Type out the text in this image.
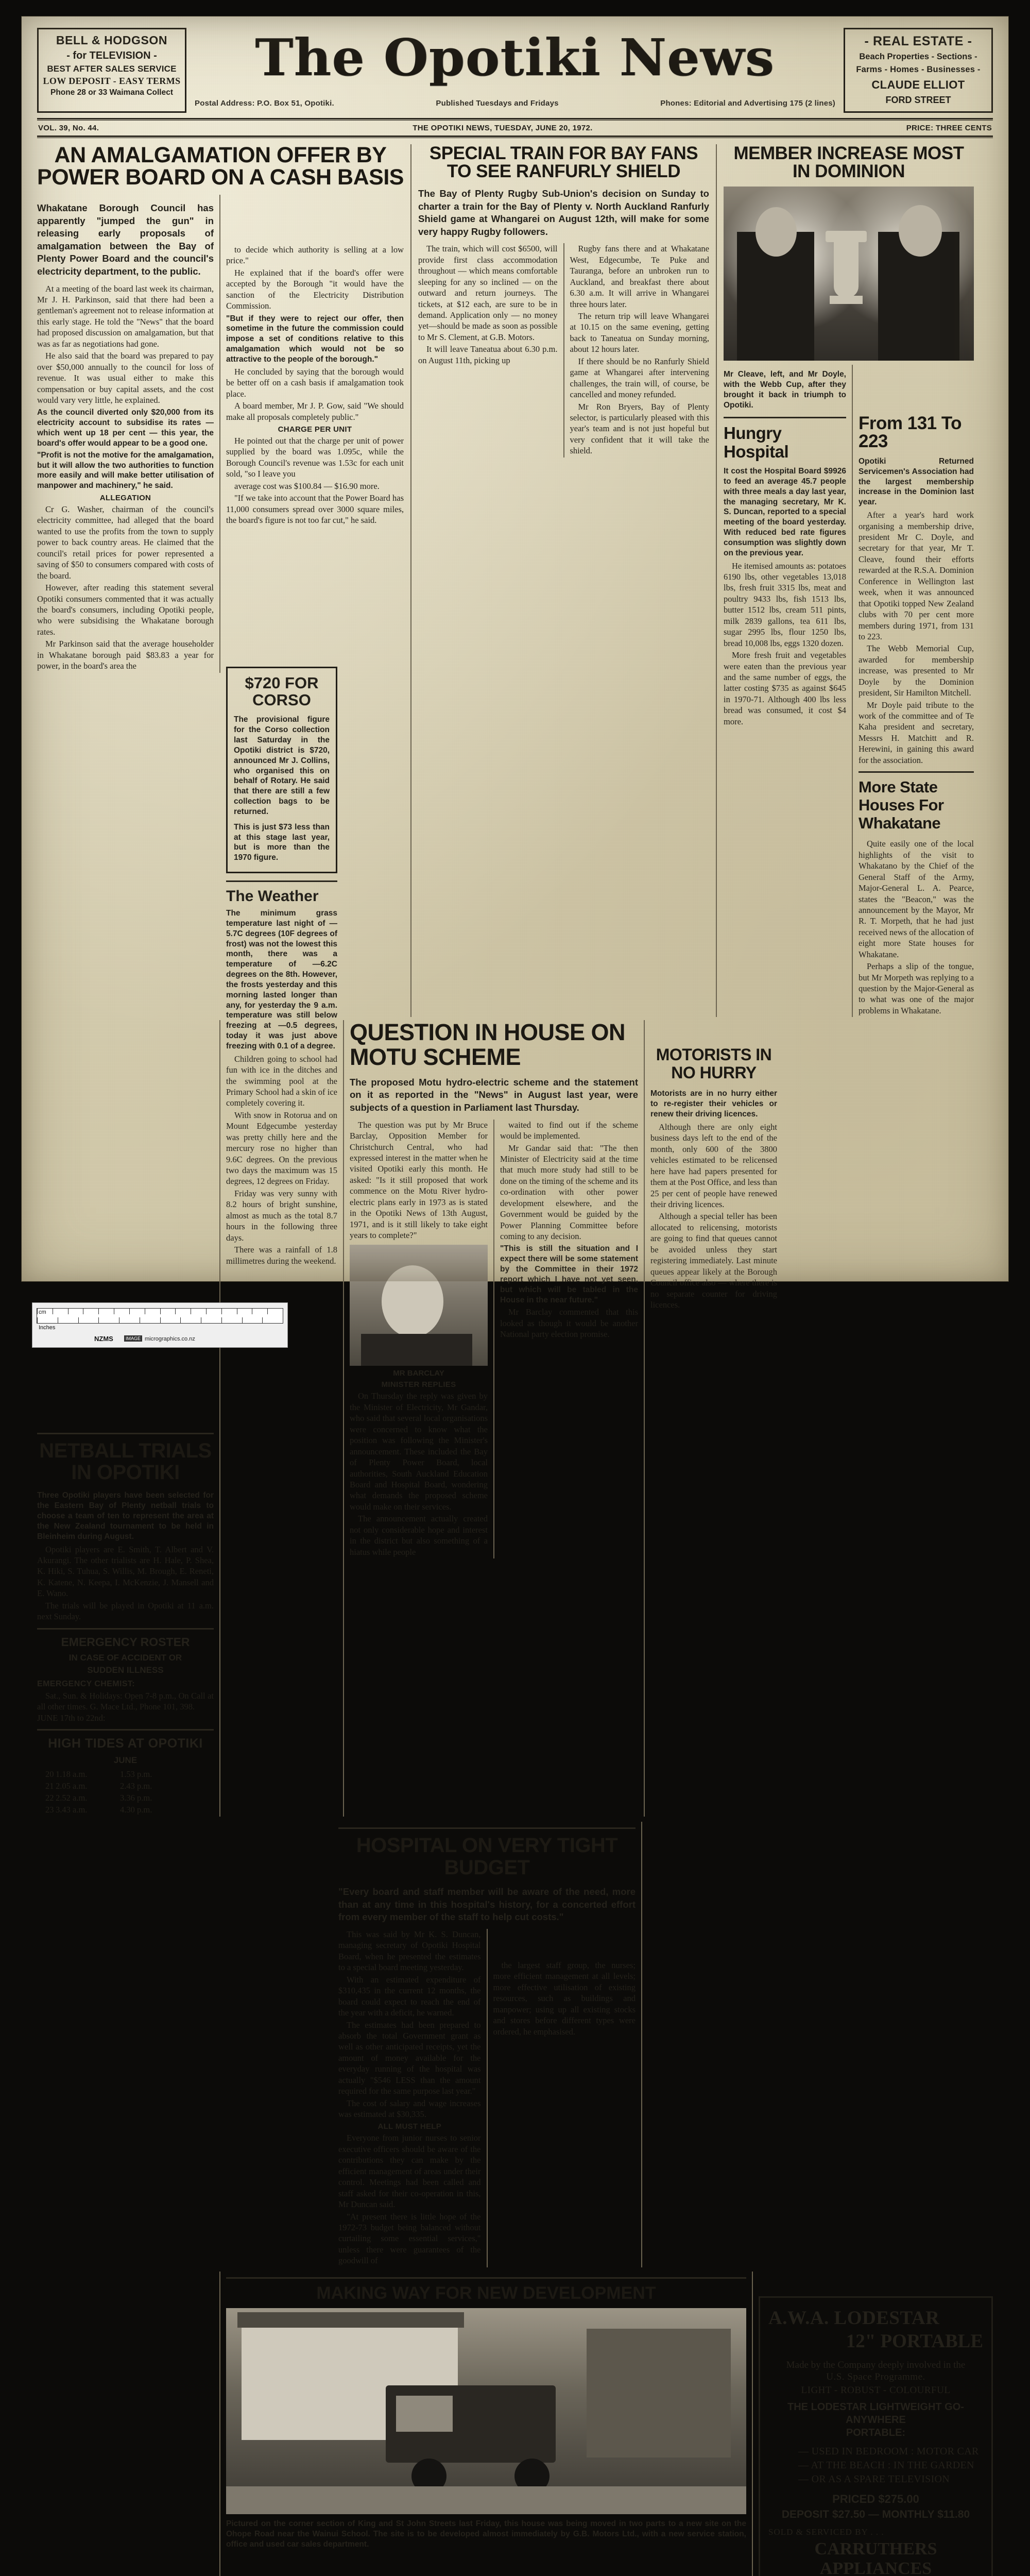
BELL & HODGSON
- for TELEVISION -
BEST AFTER SALES SERVICE
LOW DEPOSIT - EASY TERMS
Phone 28 or 33 Waimana Collect
The Opotiki News
Postal Address: P.O. Box 51, Opotiki.	Published Tuesdays and Fridays	Phones: Editorial and Advertising 175 (2 lines)
- REAL ESTATE -
Beach Properties - Sections -
Farms - Homes - Businesses -
CLAUDE ELLIOT
FORD STREET
VOL. 39, No. 44.	THE OPOTIKI NEWS, TUESDAY, JUNE 20, 1972.	PRICE: THREE CENTS
AN AMALGAMATION OFFER BY POWER BOARD ON A CASH BASIS
Whakatane Borough Council has apparently "jumped the gun" in releasing early proposals of amalgamation between the Bay of Plenty Power Board and the council's electricity department, to the public.

At a meeting of the board last week its chairman, Mr J. H. Parkinson, said that there had been a gentleman's agreement not to release information at this early stage. He told the "News" that the board had proposed discussion on amalgamation, but that was as far as negotiations had gone.

He also said that the board was prepared to pay over $50,000 annually to the council for loss of revenue. It was usual either to make this compensation or buy capital assets, and the cost would vary very little, he explained.

As the council diverted only $20,000 from its electricity account to subsidise its rates — which went up 18 per cent — this year, the board's offer would appear to be a good one.

"Profit is not the motive for the amalgamation, but it will allow the two authorities to function more easily and will make better utilisation of manpower and machinery," he said.

ALLEGATION

Cr G. Washer, chairman of the council's electricity committee, had alleged that the board wanted to use the profits from the town to supply power to back country areas. He claimed that the council's retail prices for power represented a saving of $50 to consumers compared with costs of the board.

However, after reading this statement several Opotiki consumers commented that it was actually the board's consumers, including Opotiki people, who were subsidising the Whakatane borough rates.

Mr Parkinson said that the average householder in Whakatane borough paid $83.83 a year for power, in the board's area the

to decide which authority is selling at a low price."

He explained that if the board's offer were accepted by the Borough "it would have the sanction of the Electricity Distribution Commission.

"But if they were to reject our offer, then sometime in the future the commission could impose a set of conditions relative to this amalgamation which would not be so attractive to the people of the borough."

He concluded by saying that the borough would be better off on a cash basis if amalgamation took place.

A board member, Mr J. P. Gow, said "We should make all proposals completely public."

CHARGE PER UNIT

He pointed out that the charge per unit of power supplied by the board was 1.095c, while the Borough Council's revenue was 1.53c for each unit sold, "so I leave you

average cost was $100.84 — $16.90 more.

"If we take into account that the Power Board has 11,000 consumers spread over 3000 square miles, the board's figure is not too far cut," he said.

SPECIAL TRAIN FOR BAY FANS TO SEE RANFURLY SHIELD
The Bay of Plenty Rugby Sub-Union's decision on Sunday to charter a train for the Bay of Plenty v. North Auckland Ranfurly Shield game at Whangarei on August 12th, will make for some very happy Rugby followers.

The train, which will cost $6500, will provide first class accommodation throughout — which means comfortable sleeping for any so inclined — on the outward and return journeys. The tickets, at $12 each, are sure to be in demand. Application only — no money yet—should be made as soon as possible to Mr S. Clement, at G.B. Motors.

It will leave Taneatua about 6.30 p.m. on August 11th, picking up

Rugby fans there and at Whakatane West, Edgecumbe, Te Puke and Tauranga, before an unbroken run to Auckland, and breakfast there about 6.30 a.m. It will arrive in Whangarei three hours later.

The return trip will leave Whangarei at 10.15 on the same evening, getting back to Taneatua on Sunday morning, about 12 hours later.

If there should be no Ranfurly Shield game at Whangarei after intervening challenges, the train will, of course, be cancelled and money refunded.

Mr Ron Bryers, Bay of Plenty selector, is particularly pleased with this year's team and is not just hopeful but very confident that it will take the shield.

MEMBER INCREASE MOST IN DOMINION
Mr Cleave, left, and Mr Doyle, with the Webb Cup, after they brought it back in triumph to Opotiki.
Hungry Hospital

It cost the Hospital Board $9926 to feed an average 45.7 people with three meals a day last year, the managing secretary, Mr K. S. Duncan, reported to a special meeting of the board yesterday. With reduced bed rate figures consumption was slightly down on the previous year.

He itemised amounts as: potatoes 6190 lbs, other vegetables 13,018 lbs, fresh fruit 3315 lbs, meat and poultry 9433 lbs, fish 1513 lbs, butter 1512 lbs, cream 511 pints, milk 2839 gallons, tea 611 lbs, sugar 2995 lbs, flour 1250 lbs, bread 10,008 lbs, eggs 1320 dozen.

More fresh fruit and vegetables were eaten than the previous year and the same number of eggs, the latter costing $735 as against $645 in 1970-71. Although 400 lbs less bread was consumed, it cost $4 more.

From 131 To 223

Opotiki Returned Servicemen's Association had the largest membership increase in the Dominion last year.

After a year's hard work organising a membership drive, president Mr C. Doyle, and secretary for that year, Mr T. Cleave, found their efforts rewarded at the R.S.A. Dominion Conference in Wellington last week, when it was announced that Opotiki topped New Zealand clubs with 70 per cent more members during 1971, from 131 to 223.

The Webb Memorial Cup, awarded for membership increase, was presented to Mr Doyle by the Dominion president, Sir Hamilton Mitchell.

Mr Doyle paid tribute to the work of the committee and of Te Kaha president and secretary, Messrs H. Matchitt and R. Herewini, in gaining this award for the association.

More State Houses For Whakatane

Quite easily one of the local highlights of the visit to Whakatano by the Chief of the General Staff of the Army, Major-General L. A. Pearce, states the "Beacon," was the announcement by the Mayor, Mr R. T. Morpeth, that he had just received news of the allocation of eight more State houses for Whakatane.

Perhaps a slip of the tongue, but Mr Morpeth was replying to a question by the Major-General as to what was one of the major problems in Whakatane.

NETBALL TRIALS IN OPOTIKI

Three Opotiki players have been selected for the Eastern Bay of Plenty netball trials to choose a team of ten to represent the area at the New Zealand tournament to be held in Bleinheim during August.

Opotiki players are E. Smith, T. Albert and V. Akurangi. The other trialists are H. Hale, P. Shea, K. Hiki, S. Tuhua, S. Willis, M. Brough, E. Reneti, K. Katene, N. Keepa, I. McKenzie, J. Mansell and E. Wano.

The trials will be played in Opotiki at 11 a.m. next Sunday.

EMERGENCY ROSTER
IN CASE OF ACCIDENT OR
SUDDEN ILLNESS
EMERGENCY CHEMIST:

Sat., Sun. & Holidays: Open 7-8 p.m., On Call at all other times. G. Mace Ltd., Phone 101, 398.

JUNE 17th to 22nd:
HIGH TIDES AT OPOTIKI
JUNE
20 1.18 a.m.	1.53 p.m.
21 2.05 a.m.	2.43 p.m.
22 2.52 a.m.	3.36 p.m.
23 3.43 a.m.	4.30 p.m.
$720 FOR CORSO

The provisional figure for the Corso collection last Saturday in the Opotiki district is $720, announced Mr J. Collins, who organised this on behalf of Rotary. He said that there are still a few collection bags to be returned.

This is just $73 less than at this stage last year, but is more than the 1970 figure.

The Weather

The minimum grass temperature last night of —5.7C degrees (10F degrees of frost) was not the lowest this month, there was a temperature of —6.2C degrees on the 8th. However, the frosts yesterday and this morning lasted longer than any, for yesterday the 9 a.m. temperature was still below freezing at —0.5 degrees, today it was just above freezing with 0.1 of a degree.

Children going to school had fun with ice in the ditches and the swimming pool at the Primary School had a skin of ice completely covering it.

With snow in Rotorua and on Mount Edgecumbe yesterday was pretty chilly here and the mercury rose no higher than 9.6C degrees. On the previous two days the maximum was 15 degrees, 12 degrees on Friday.

Friday was very sunny with 8.2 hours of bright sunshine, almost as much as the total 8.7 hours in the following three days.

There was a rainfall of 1.8 millimetres during the weekend.

QUESTION IN HOUSE ON MOTU SCHEME
The proposed Motu hydro-electric scheme and the statement on it as reported in the "News" in August last year, were subjects of a question in Parliament last Thursday.

The question was put by Mr Bruce Barclay, Opposition Member for Christchurch Central, who had expressed interest in the matter when he visited Opotiki early this month. He asked: "Is it still proposed that work commence on the Motu River hydro-electric plans early in 1973 as is stated in the Opotiki News of 13th August, 1971, and is it still likely to take eight years to complete?"

MR BARCLAY
MINISTER REPLIES

On Thursday the reply was given by the Minister of Electricity, Mr Gandar, who said that several local organisations were concerned to know what the position was following the Minister's announcement. These included the Bay of Plenty Power Board, local authorities, South Auckland Education Board and Hospital Board, wondering what demands the proposed scheme would make on their services.

The announcement actually created not only considerable hope and interest in the district but also something of a hiatus while people

waited to find out if the scheme would be implemented.

Mr Gandar said that: "The then Minister of Electricity said at the time that much more study had still to be done on the timing of the scheme and its co-ordination with other power development elsewhere, and the Government would be guided by the Power Planning Committee before coming to any decision.

"This is still the situation and I expect there will be some statement by the Committee in their 1972 report which I have not yet seen, but which will be tabled in the House in the near future."

Mr Barclay commented that this looked as though it would be another National party election promise.

MOTORISTS IN NO HURRY

Motorists are in no hurry either to re-register their vehicles or renew their driving licences.

Although there are only eight business days left to the end of the month, only 600 of the 3800 vehicles estimated to be relicensed here have had papers presented for them at the Post Office, and less than 25 per cent of people have renewed their driving licences.

Although a special teller has been allocated to relicensing, motorists are going to find that queues cannot be avoided unless they start registering immediately. Last minute queues appear likely at the Borough Council office also — where there is no separate counter for driving licences.

HOSPITAL ON VERY TIGHT BUDGET
"Every board and staff member will be aware of the need, more than at any time in this hospital's history, for a concerted effort from every member of the staff to help cut costs."

This was said by Mr K. S. Duncan, managing secretary of Opotiki Hospital Board, when he presented the estimates to a special board meeting yesterday.

With an estimated expenditure of $310,435 in the current 12 months, the board could expect to reach the end of the year with a deficit, he warned.

The estimates had been prepared to absorb the total Government grant as well as other anticipated receipts, yet the amount of money available for the everyday running of the hospital was actually "$546 LESS than the amount required for the same purpose last year."

The cost of salary and wage increases was estimated at $30,335.

ALL MUST HELP

Everyone from junior nurses to senior executive officers should be aware of the contributions they can make by the efficient management of areas under their control. Meetings had been called and staff asked for their co-operation in this, Mr Duncan said.

"At present there is little hope of the 1972-73 budget being balanced without curtailing some essential services," unless there were guarantees of the goodwill of

the largest staff group, the nurses; more efficient management at all levels; more effective utilisation of existing resources, such as buildings and manpower; using up all existing stocks and stores before different types were ordered, he emphasised.

MAKING WAY FOR NEW DEVELOPMENT
Pictured on the corner section of King and St John Streets last Friday, this house was being moved in two parts to a new site on the Ohope Road near the Wainui School. The site is to be developed almost immediately by G.B. Motors Ltd., with a new service station, office and used car sales department.
A.W.A. LODESTAR
12" PORTABLE
Made by the Company deeply involved in the
U.S. Space Programme.
LIGHT - ROBUST - COLOURFUL
THE LODESTAR LIGHTWEIGHT GO-ANYWHERE
PORTABLE:
— USED IN BEDROOM : MOTOR CAR
— AT THE BEACH : IN THE GARDEN
— OR AS A SPARE TELEVISION
PRICED $275.00
DEPOSIT $27.50 — MONTHLY $11.80
SOLD & SERVICED BY . . .
CARRUTHERS APPLIANCES
cm
Inches
NZMS	IMAGE micrographics.co.nz
